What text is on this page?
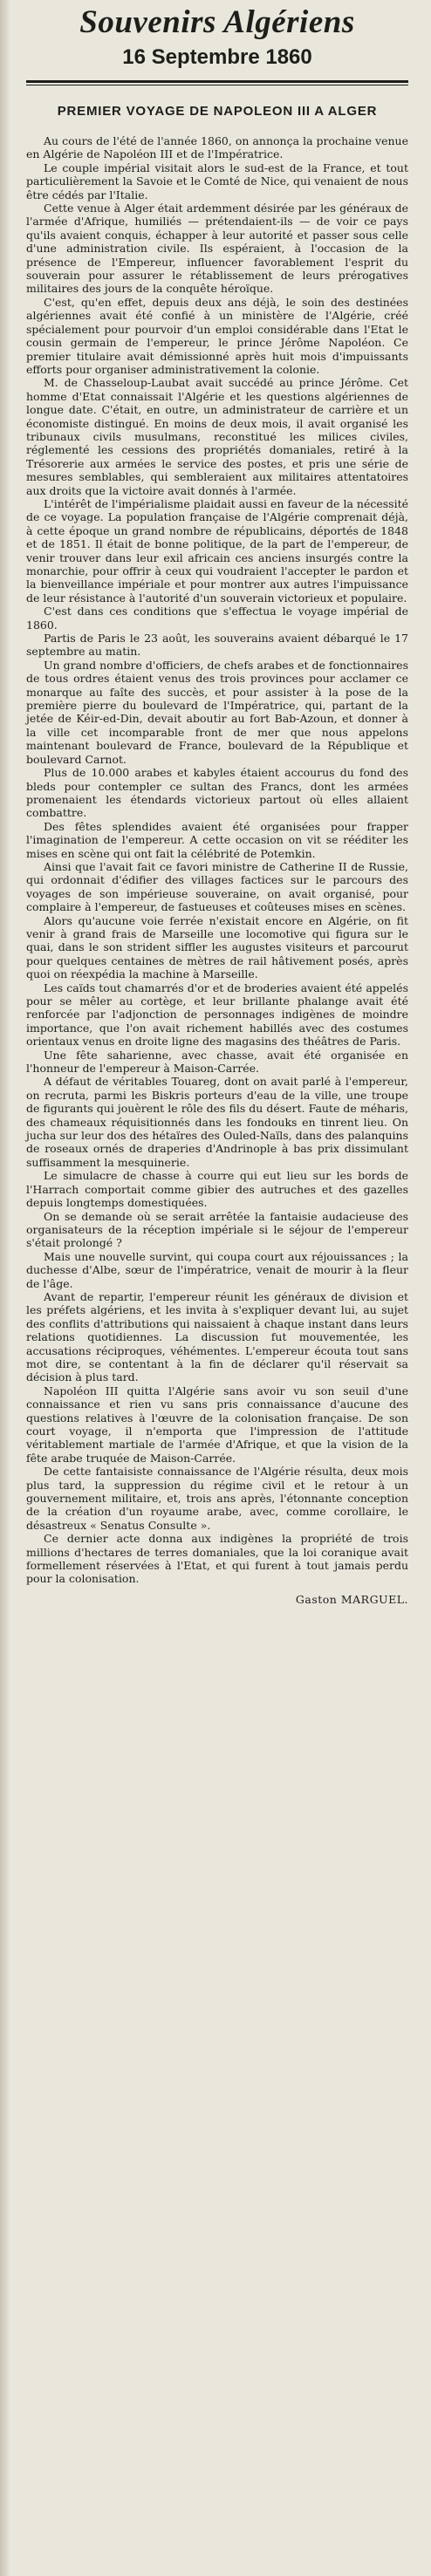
Souvenirs Algériens
16 Septembre 1860
PREMIER VOYAGE DE NAPOLEON III A ALGER

Au cours de l'été de l'année 1860, on annonça la prochaine venue en Algérie de Napoléon III et de l'Impératrice.

Le couple impérial visitait alors le sud-est de la France, et tout particulièrement la Savoie et le Comté de Nice, qui venaient de nous être cédés par l'Italie.

Cette venue à Alger était ardemment désirée par les généraux de l'armée d'Afrique, humiliés — prétendaient-ils — de voir ce pays qu'ils avaient conquis, échapper à leur autorité et passer sous celle d'une administration civile. Ils espéraient, à l'occasion de la présence de l'Empereur, influencer favorablement l'esprit du souverain pour assurer le rétablissement de leurs prérogatives militaires des jours de la conquête héroïque.

C'est, qu'en effet, depuis deux ans déjà, le soin des destinées algériennes avait été confié à un ministère de l'Algérie, créé spécialement pour pourvoir d'un emploi considérable dans l'Etat le cousin germain de l'empereur, le prince Jérôme Napoléon. Ce premier titulaire avait démissionné après huit mois d'impuissants efforts pour organiser administrativement la colonie.

M. de Chasseloup-Laubat avait succédé au prince Jérôme. Cet homme d'Etat connaissait l'Algérie et les questions algériennes de longue date. C'était, en outre, un administrateur de carrière et un économiste distingué. En moins de deux mois, il avait organisé les tribunaux civils musulmans, reconstitué les milices civiles, réglementé les cessions des propriétés domaniales, retiré à la Trésorerie aux armées le service des postes, et pris une série de mesures semblables, qui sembleraient aux militaires attentatoires aux droits que la victoire avait donnés à l'armée.

L'intérêt de l'impérialisme plaidait aussi en faveur de la nécessité de ce voyage. La population française de l'Algérie comprenait déjà, à cette époque un grand nombre de républicains, déportés de 1848 et de 1851. Il était de bonne politique, de la part de l'empereur, de venir trouver dans leur exil africain ces anciens insurgés contre la monarchie, pour offrir à ceux qui voudraient l'accepter le pardon et la bienveillance impériale et pour montrer aux autres l'impuissance de leur résistance à l'autorité d'un souverain victorieux et populaire.

C'est dans ces conditions que s'effectua le voyage impérial de 1860.

Partis de Paris le 23 août, les souverains avaient débarqué le 17 septembre au matin.

Un grand nombre d'officiers, de chefs arabes et de fonctionnaires de tous ordres étaient venus des trois provinces pour acclamer ce monarque au faîte des succès, et pour assister à la pose de la première pierre du boulevard de l'Impératrice, qui, partant de la jetée de Kéir-ed-Din, devait aboutir au fort Bab-Azoun, et donner à la ville cet incomparable front de mer que nous appelons maintenant boulevard de France, boulevard de la République et boulevard Carnot.

Plus de 10.000 arabes et kabyles étaient accourus du fond des bleds pour contempler ce sultan des Francs, dont les armées promenaient les étendards victorieux partout où elles allaient combattre.

Des fêtes splendides avaient été organisées pour frapper l'imagination de l'empereur. A cette occasion on vit se rééditer les mises en scène qui ont fait la célébrité de Potemkin.

Ainsi que l'avait fait ce favori ministre de Catherine II de Russie, qui ordonnait d'édifier des villages factices sur le parcours des voyages de son impérieuse souveraine, on avait organisé, pour complaire à l'empereur, de fastueuses et coûteuses mises en scènes.

Alors qu'aucune voie ferrée n'existait encore en Algérie, on fit venir à grand frais de Marseille une locomotive qui figura sur le quai, dans le son strident siffler les augustes visiteurs et parcourut pour quelques centaines de mètres de rail hâtivement posés, après quoi on réexpédia la machine à Marseille.

Les caïds tout chamarrés d'or et de broderies avaient été appelés pour se mêler au cortège, et leur brillante phalange avait été renforcée par l'adjonction de personnages indigènes de moindre importance, que l'on avait richement habillés avec des costumes orientaux venus en droite ligne des magasins des théâtres de Paris.

Une fête saharienne, avec chasse, avait été organisée en l'honneur de l'empereur à Maison-Carrée.

A défaut de véritables Touareg, dont on avait parlé à l'empereur, on recruta, parmi les Biskris porteurs d'eau de la ville, une troupe de figurants qui jouèrent le rôle des fils du désert. Faute de méharis, des chameaux réquisitionnés dans les fondouks en tinrent lieu. On jucha sur leur dos des hétaïres des Ouled-Naïls, dans des palanquins de roseaux ornés de draperies d'Andrinople à bas prix dissimulant suffisamment la mesquinerie.

Le simulacre de chasse à courre qui eut lieu sur les bords de l'Harrach comportait comme gibier des autruches et des gazelles depuis longtemps domestiquées.

On se demande où se serait arrêtée la fantaisie audacieuse des organisateurs de la réception impériale si le séjour de l'empereur s'était prolongé ?

Mais une nouvelle survint, qui coupa court aux réjouissances ; la duchesse d'Albe, sœur de l'impératrice, venait de mourir à la fleur de l'âge.

Avant de repartir, l'empereur réunit les généraux de division et les préfets algériens, et les invita à s'expliquer devant lui, au sujet des conflits d'attributions qui naissaient à chaque instant dans leurs relations quotidiennes. La discussion fut mouvementée, les accusations réciproques, véhémentes. L'empereur écouta tout sans mot dire, se contentant à la fin de déclarer qu'il réservait sa décision à plus tard.

Napoléon III quitta l'Algérie sans avoir vu son seuil d'une connaissance et rien vu sans pris connaissance d'aucune des questions relatives à l'œuvre de la colonisation française. De son court voyage, il n'emporta que l'impression de l'attitude véritablement martiale de l'armée d'Afrique, et que la vision de la fête arabe truquée de Maison-Carrée.

De cette fantaisiste connaissance de l'Algérie résulta, deux mois plus tard, la suppression du régime civil et le retour à un gouvernement militaire, et, trois ans après, l'étonnante conception de la création d'un royaume arabe, avec, comme corollaire, le désastreux « Senatus Consulte ».

Ce dernier acte donna aux indigènes la propriété de trois millions d'hectares de terres domaniales, que la loi coranique avait formellement réservées à l'Etat, et qui furent à tout jamais perdu pour la colonisation.

Gaston MARGUEL.
